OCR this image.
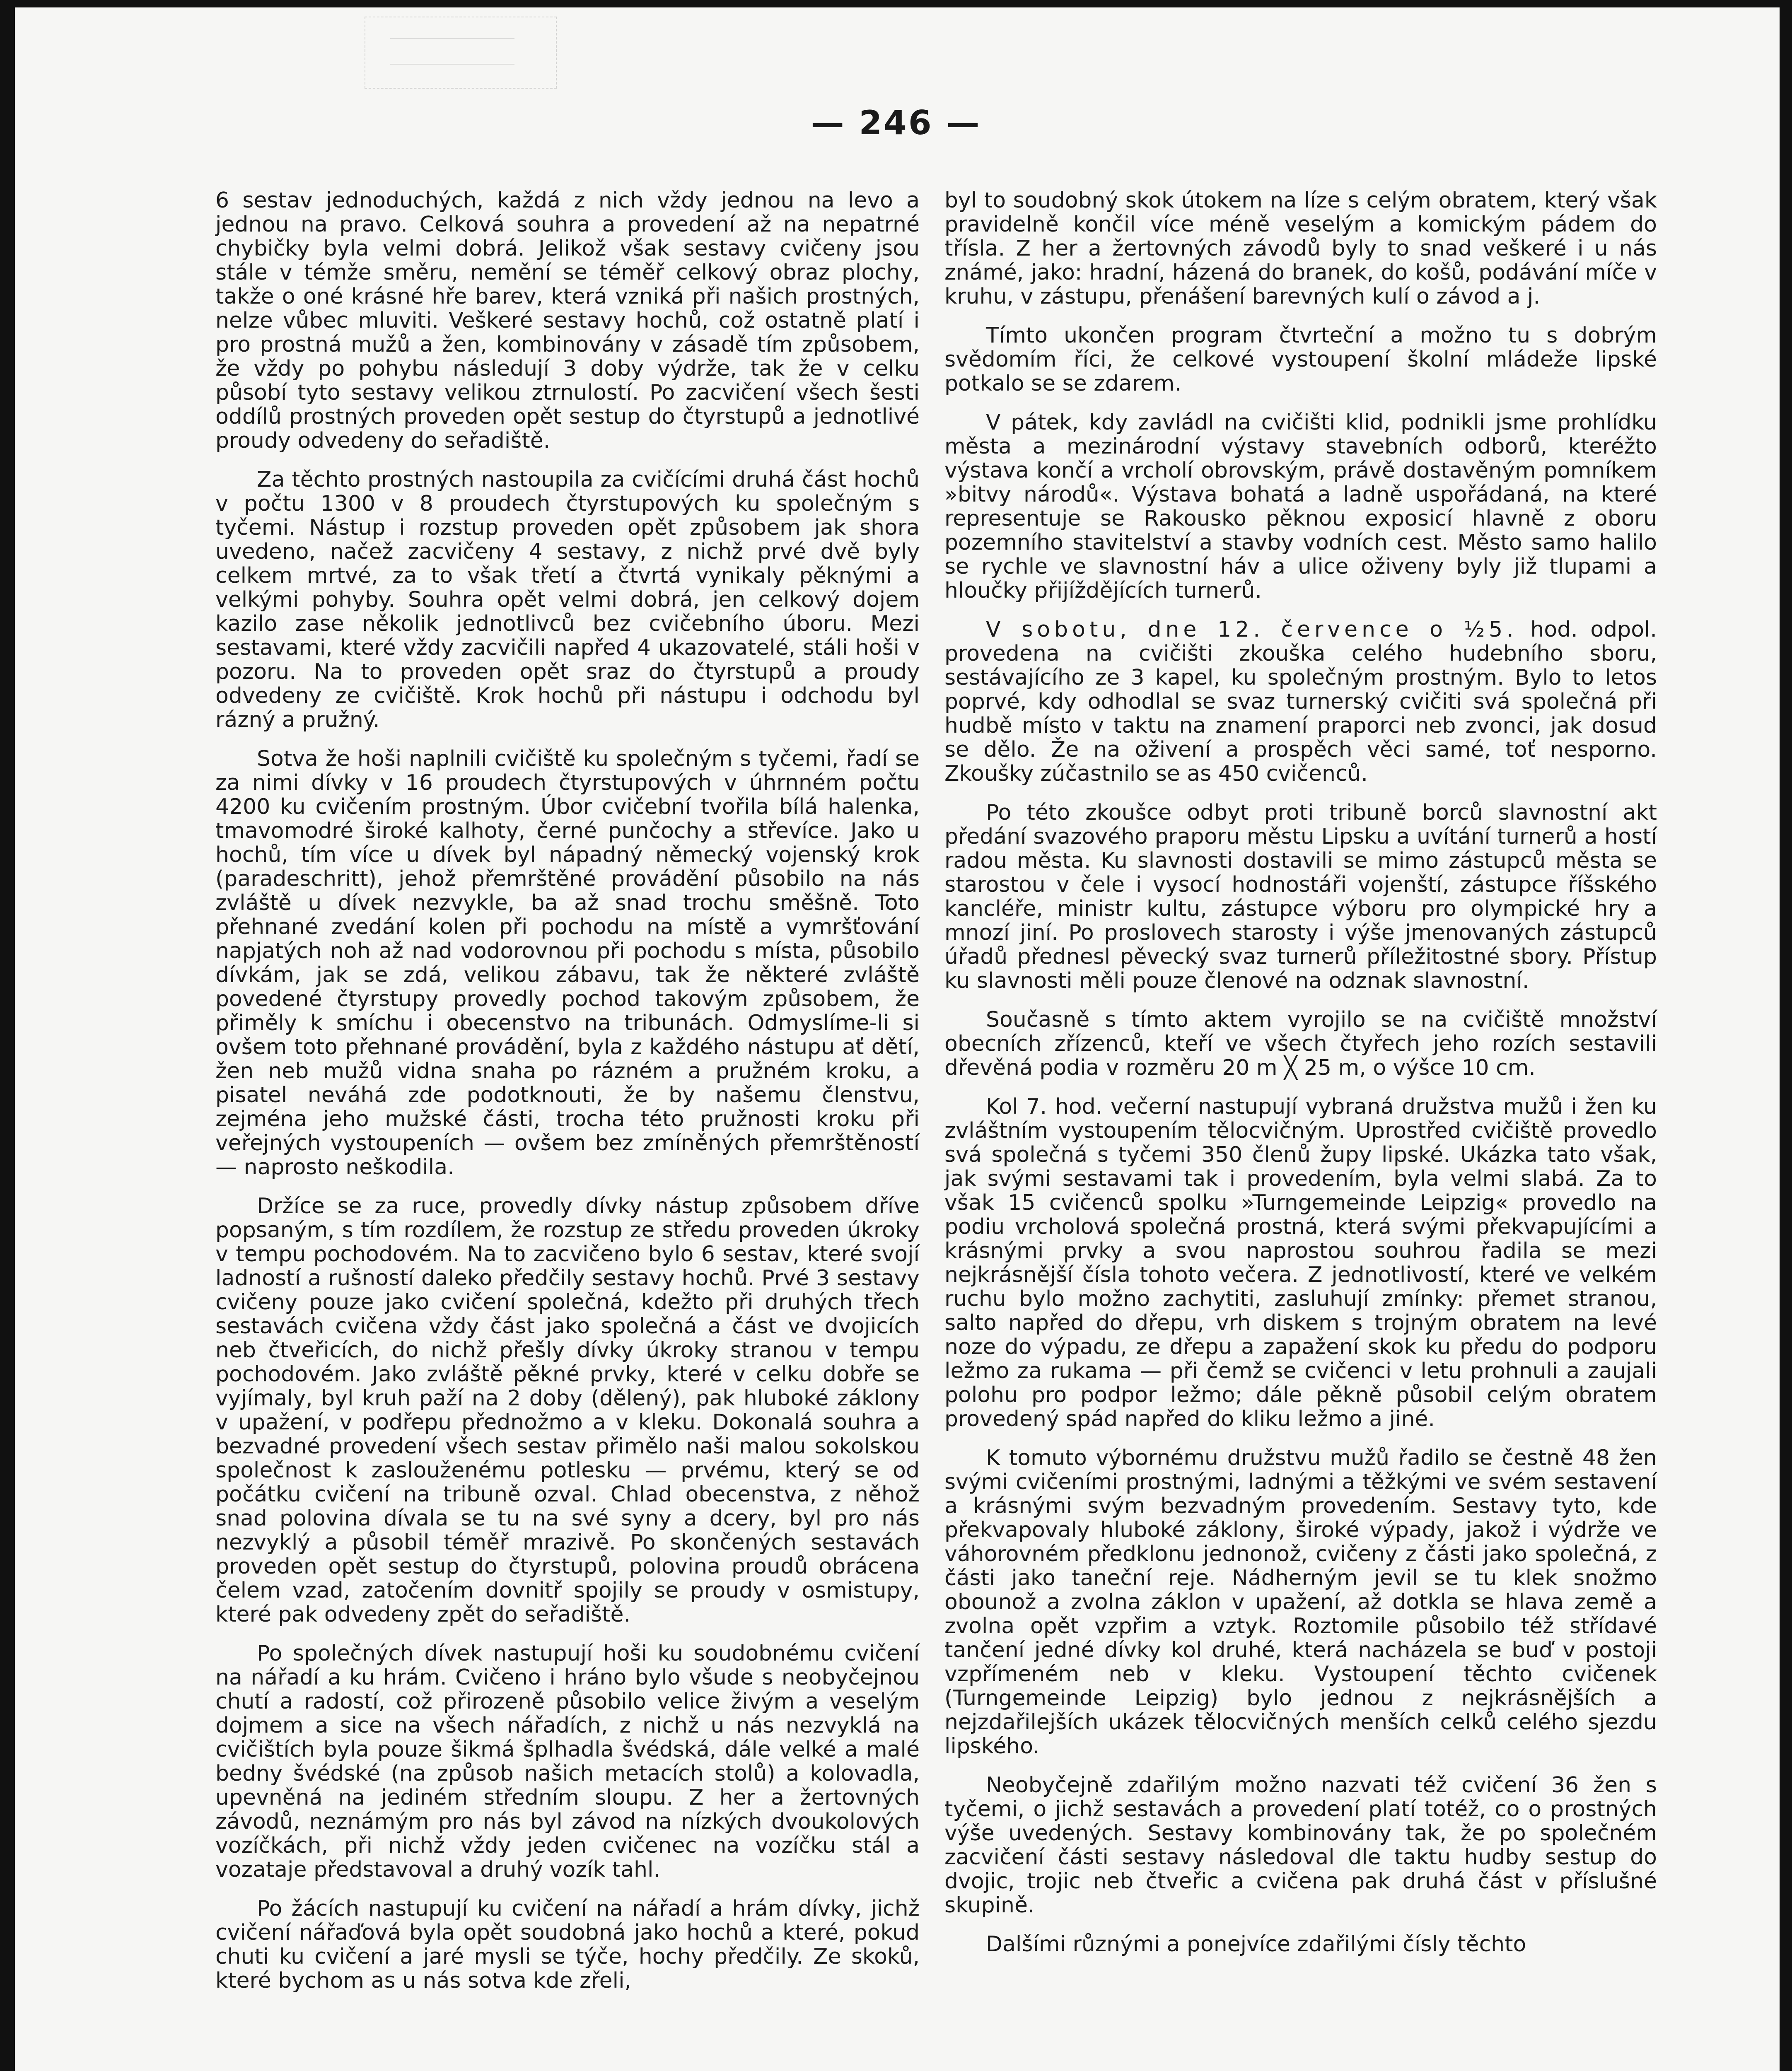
— 246 —

6 sestav jednoduchých, každá z nich vždy jednou na levo a jednou na pravo. Celková souhra a provedení až na nepatrné chybičky byla velmi dobrá. Jelikož však sestavy cvičeny jsou stále v témže směru, nemění se téměř celkový obraz plochy, takže o oné krásné hře barev, která vzniká při našich prostných, nelze vůbec mluviti. Veškeré sestavy hochů, což ostatně platí i pro prostná mužů a žen, kombinovány v zásadě tím způsobem, že vždy po pohybu následují 3 doby výdrže, tak že v celku působí tyto sestavy velikou ztrnulostí. Po zacvičení všech šesti oddílů prostných proveden opět sestup do čtyrstupů a jednotlivé proudy odvedeny do seřadiště.

Za těchto prostných nastoupila za cvičícími druhá část hochů v počtu 1300 v 8 proudech čtyrstupových ku společným s tyčemi. Nástup i rozstup proveden opět způsobem jak shora uvedeno, načež zacvičeny 4 sestavy, z nichž prvé dvě byly celkem mrtvé, za to však třetí a čtvrtá vynikaly pěknými a velkými pohyby. Souhra opět velmi dobrá, jen celkový dojem kazilo zase několik jednotlivců bez cvičebního úboru. Mezi sestavami, které vždy zacvičili napřed 4 ukazovatelé, stáli hoši v pozoru. Na to proveden opět sraz do čtyrstupů a proudy odvedeny ze cvičiště. Krok hochů při nástupu i odchodu byl rázný a pružný.

Sotva že hoši naplnili cvičiště ku společným s tyčemi, řadí se za nimi dívky v 16 proudech čtyrstupových v úhrnném počtu 4200 ku cvičením prostným. Úbor cvičební tvořila bílá halenka, tmavomodré široké kalhoty, černé punčochy a střevíce. Jako u hochů, tím více u dívek byl nápadný německý vojenský krok (paradeschritt), jehož přemrštěné provádění působilo na nás zvláště u dívek nezvykle, ba až snad trochu směšně. Toto přehnané zvedání kolen při pochodu na místě a vymršťování napjatých noh až nad vodorovnou při pochodu s místa, působilo dívkám, jak se zdá, velikou zábavu, tak že některé zvláště povedené čtyrstupy provedly pochod takovým způsobem, že přiměly k smíchu i obecenstvo na tribunách. Odmyslíme-li si ovšem toto přehnané provádění, byla z každého nástupu ať dětí, žen neb mužů vidna snaha po rázném a pružném kroku, a pisatel neváhá zde podotknouti, že by našemu členstvu, zejména jeho mužské části, trocha této pružnosti kroku při veřejných vystoupeních — ovšem bez zmíněných přemrštěností — naprosto neškodila.

Držíce se za ruce, provedly dívky nástup způsobem dříve popsaným, s tím rozdílem, že rozstup ze středu proveden úkroky v tempu pochodovém. Na to zacvičeno bylo 6 sestav, které svojí ladností a rušností daleko předčily sestavy hochů. Prvé 3 sestavy cvičeny pouze jako cvičení společná, kdežto při druhých třech sestavách cvičena vždy část jako společná a část ve dvojicích neb čtveřicích, do nichž přešly dívky úkroky stranou v tempu pochodovém. Jako zvláště pěkné prvky, které v celku dobře se vyjímaly, byl kruh paží na 2 doby (dělený), pak hluboké záklony v upažení, v podřepu přednožmo a v kleku. Dokonalá souhra a bezvadné provedení všech sestav přimělo naši malou sokolskou společnost k zaslouženému potlesku — prvému, který se od počátku cvičení na tribuně ozval. Chlad obecenstva, z něhož snad polovina dívala se tu na své syny a dcery, byl pro nás nezvyklý a působil téměř mrazivě. Po skončených sestavách proveden opět sestup do čtyrstupů, polovina proudů obrácena čelem vzad, zatočením dovnitř spojily se proudy v osmistupy, které pak odvedeny zpět do seřadiště.

Po společných dívek nastupují hoši ku soudobnému cvičení na nářadí a ku hrám. Cvičeno i hráno bylo všude s neobyčejnou chutí a radostí, což přirozeně působilo velice živým a veselým dojmem a sice na všech nářadích, z nichž u nás nezvyklá na cvičištích byla pouze šikmá šplhadla švédská, dále velké a malé bedny švédské (na způsob našich metacích stolů) a kolovadla, upevněná na jediném středním sloupu. Z her a žertovných závodů, neznámým pro nás byl závod na nízkých dvoukolových vozíčkách, při nichž vždy jeden cvičenec na vozíčku stál a vozataje představoval a druhý vozík tahl.

Po žácích nastupují ku cvičení na nářadí a hrám dívky, jichž cvičení nářaďová byla opět soudobná jako hochů a které, pokud chuti ku cvičení a jaré mysli se týče, hochy předčily. Ze skoků, které bychom as u nás sotva kde zřeli,

byl to soudobný skok útokem na líze s celým obratem, který však pravidelně končil více méně veselým a komickým pádem do třísla. Z her a žertovných závodů byly to snad veškeré i u nás známé, jako: hradní, házená do branek, do košů, podávání míče v kruhu, v zástupu, přenášení barevných kulí o závod a j.

Tímto ukončen program čtvrteční a možno tu s dobrým svědomím říci, že celkové vystoupení školní mládeže lipské potkalo se se zdarem.

V pátek, kdy zavládl na cvičišti klid, podnikli jsme prohlídku města a mezinárodní výstavy stavebních odborů, kteréžto výstava končí a vrcholí obrovským, právě dostavěným pomníkem »bitvy národů«. Výstava bohatá a ladně uspořádaná, na které representuje se Rakousko pěknou exposicí hlavně z oboru pozemního stavitelství a stavby vodních cest. Město samo halilo se rychle ve slavnostní háv a ulice oživeny byly již tlupami a hloučky přijíždějících turnerů.

V sobotu, dne 12. července o ½5. hod. odpol. provedena na cvičišti zkouška celého hudebního sboru, sestávajícího ze 3 kapel, ku společným prostným. Bylo to letos poprvé, kdy odhodlal se svaz turnerský cvičiti svá společná při hudbě místo v taktu na znamení praporci neb zvonci, jak dosud se dělo. Že na oživení a prospěch věci samé, toť nesporno. Zkoušky zúčastnilo se as 450 cvičenců.

Po této zkoušce odbyt proti tribuně borců slavnostní akt předání svazového praporu městu Lipsku a uvítání turnerů a hostí radou města. Ku slavnosti dostavili se mimo zástupců města se starostou v čele i vysocí hodnostáři vojenští, zástupce říšského kancléře, ministr kultu, zástupce výboru pro olympické hry a mnozí jiní. Po proslovech starosty i výše jmenovaných zástupců úřadů přednesl pěvecký svaz turnerů příležitostné sbory. Přístup ku slavnosti měli pouze členové na odznak slavnostní.

Současně s tímto aktem vyrojilo se na cvičiště množství obecních zřízenců, kteří ve všech čtyřech jeho rozích sestavili dřevěná podia v rozměru 20 m ╳ 25 m, o výšce 10 cm.

Kol 7. hod. večerní nastupují vybraná družstva mužů i žen ku zvláštním vystoupením tělocvičným. Uprostřed cvičiště provedlo svá společná s tyčemi 350 členů župy lipské. Ukázka tato však, jak svými sestavami tak i provedením, byla velmi slabá. Za to však 15 cvičenců spolku »Turngemeinde Leipzig« provedlo na podiu vrcholová společná prostná, která svými překvapujícími a krásnými prvky a svou naprostou souhrou řadila se mezi nejkrásnější čísla tohoto večera. Z jednotlivostí, které ve velkém ruchu bylo možno zachytiti, zasluhují zmínky: přemet stranou, salto napřed do dřepu, vrh diskem s trojným obratem na levé noze do výpadu, ze dřepu a zapažení skok ku předu do podporu ležmo za rukama — při čemž se cvičenci v letu prohnuli a zaujali polohu pro podpor ležmo; dále pěkně působil celým obratem provedený spád napřed do kliku ležmo a jiné.

K tomuto výbornému družstvu mužů řadilo se čestně 48 žen svými cvičeními prostnými, ladnými a těžkými ve svém sestavení a krásnými svým bezvadným provedením. Sestavy tyto, kde překvapovaly hluboké záklony, široké výpady, jakož i výdrže ve váhorovném předklonu jednonož, cvičeny z části jako společná, z části jako taneční reje. Nádherným jevil se tu klek snožmo obounož a zvolna záklon v upažení, až dotkla se hlava země a zvolna opět vzpřim a vztyk. Roztomile působilo též střídavé tančení jedné dívky kol druhé, která nacházela se buď v postoji vzpřímeném neb v kleku. Vystoupení těchto cvičenek (Turngemeinde Leipzig) bylo jednou z nejkrásnějších a nejzdařilejších ukázek tělocvičných menších celků celého sjezdu lipského.

Neobyčejně zdařilým možno nazvati též cvičení 36 žen s tyčemi, o jichž sestavách a provedení platí totéž, co o prostných výše uvedených. Sestavy kombinovány tak, že po společném zacvičení části sestavy následoval dle taktu hudby sestup do dvojic, trojic neb čtveřic a cvičena pak druhá část v příslušné skupině.

Dalšími různými a ponejvíce zdařilými čísly těchto
